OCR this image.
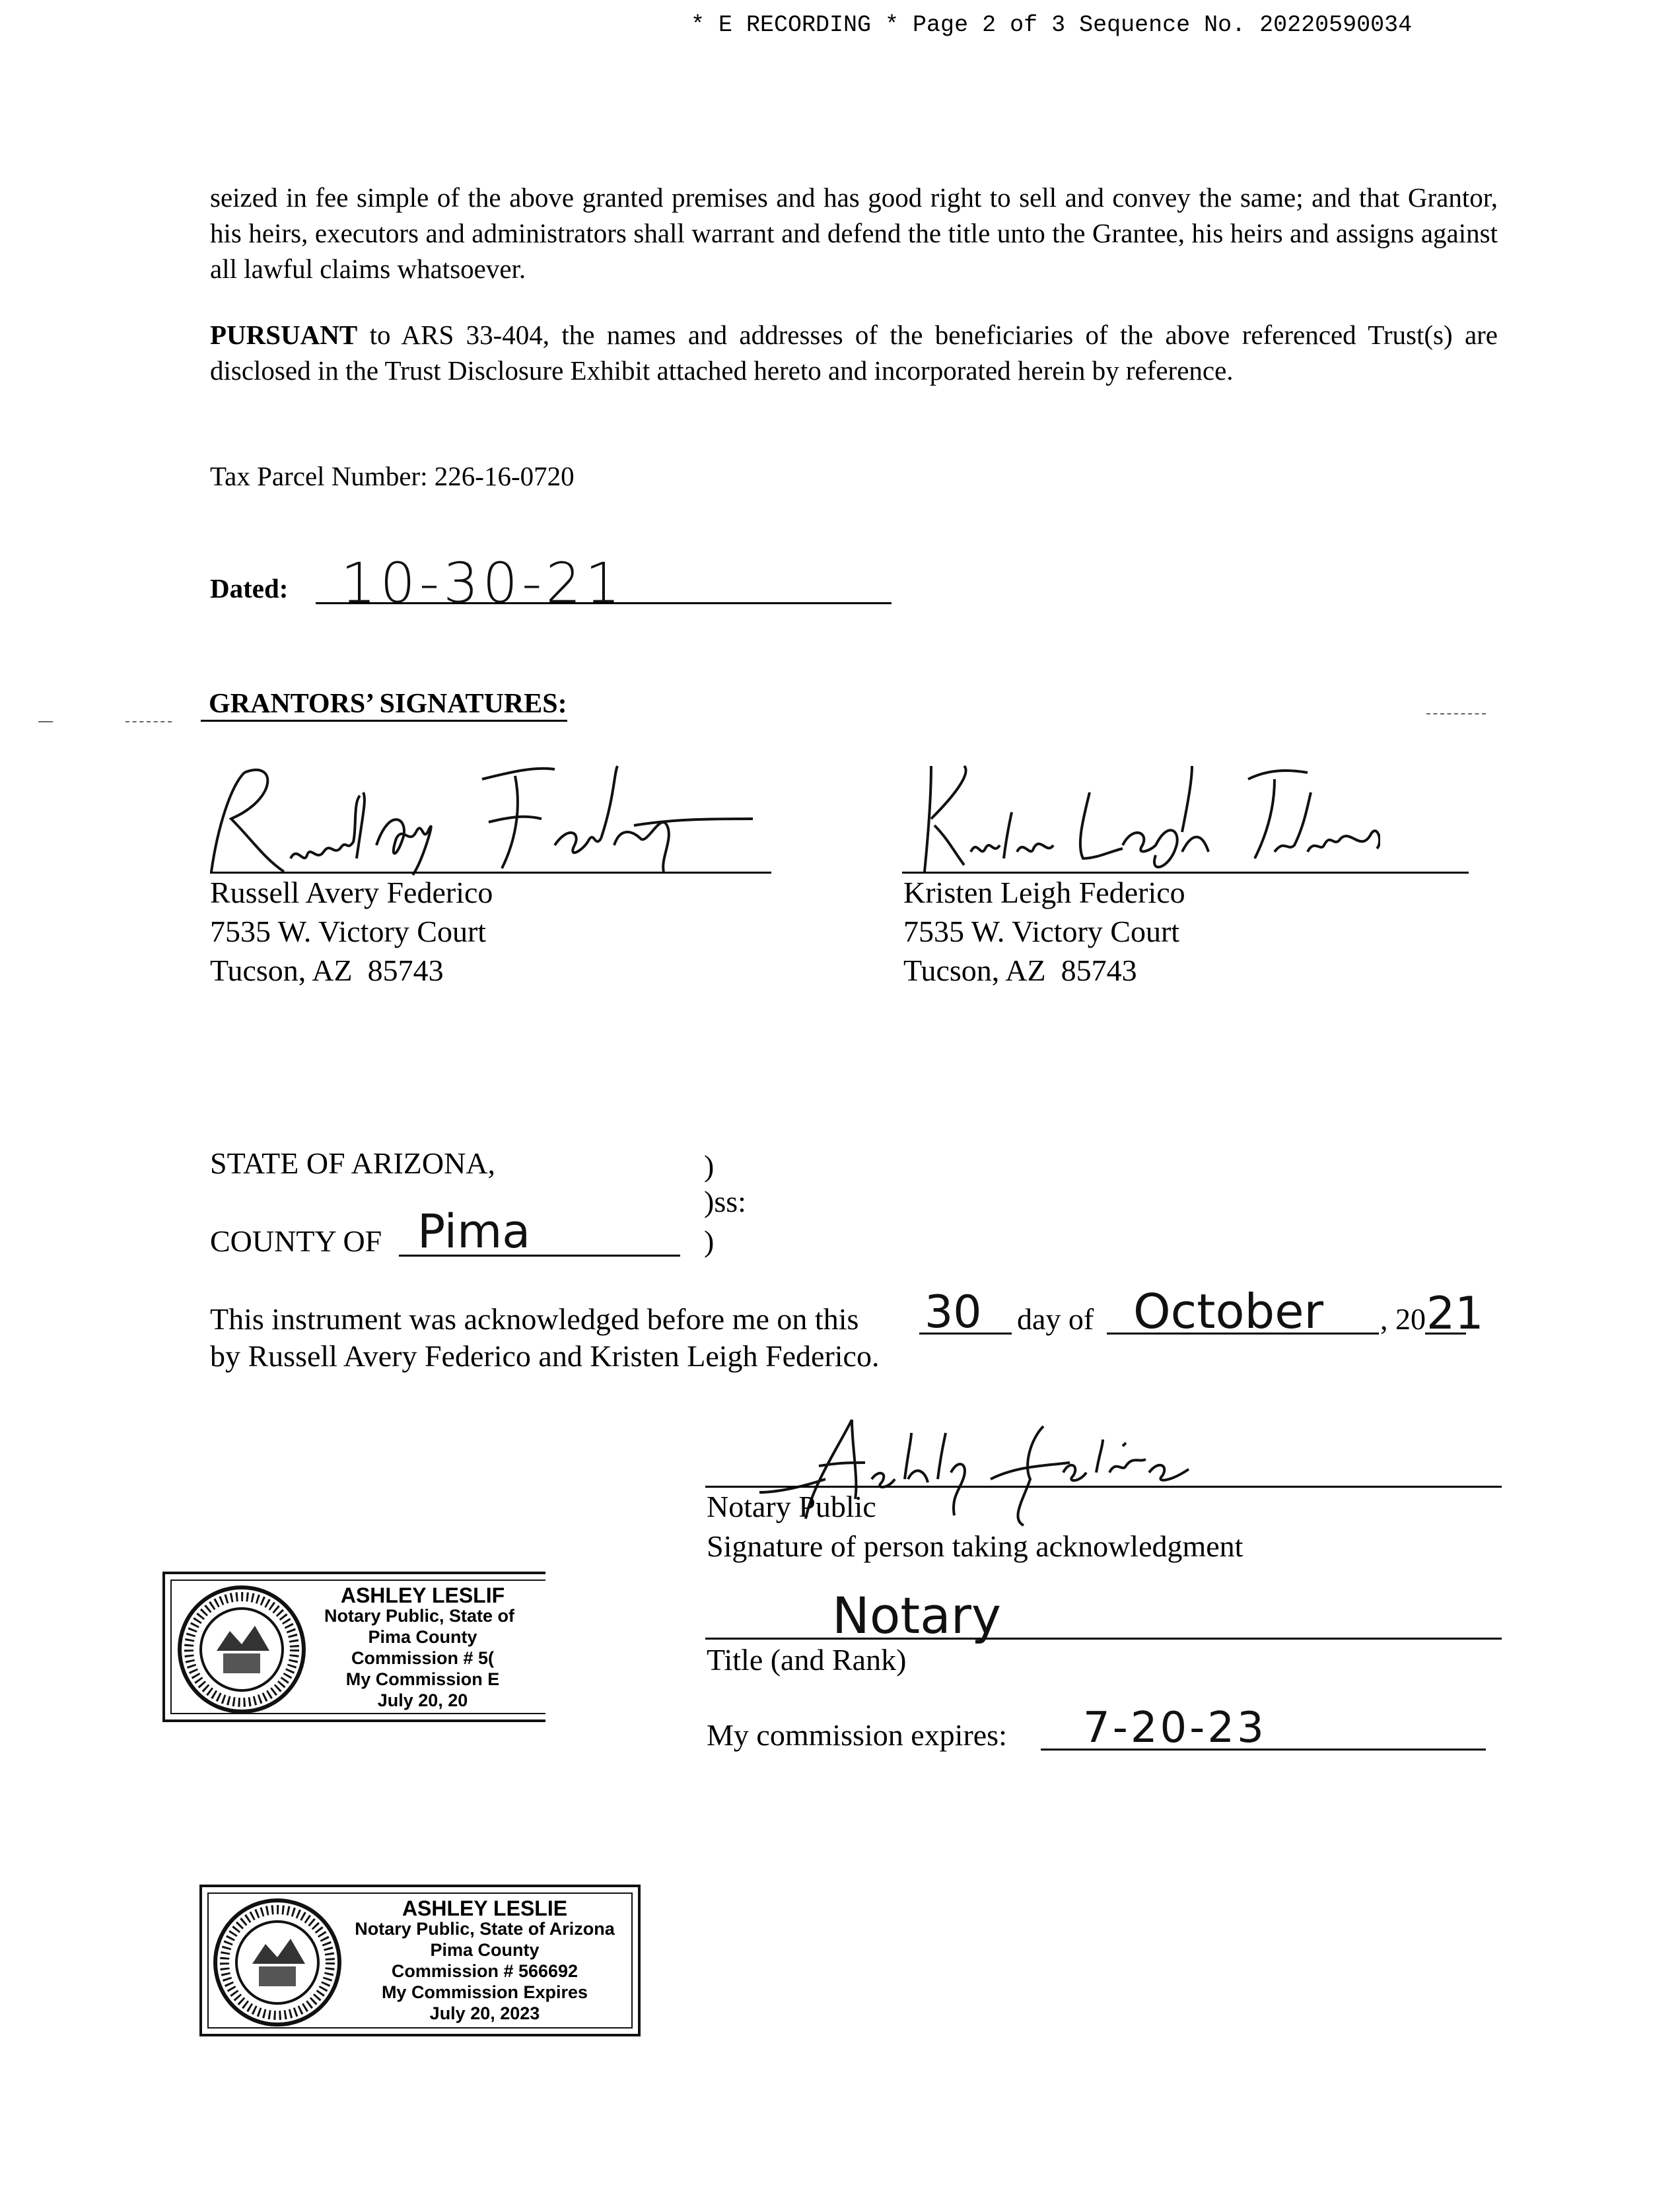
* E RECORDING * Page 2 of 3 Sequence No. 20220590034
seized in fee simple of the above granted premises and has good right to sell and convey the same; and that Grantor, his heirs, executors and administrators shall warrant and defend the title unto the Grantee, his heirs and assigns against all lawful claims whatsoever.
PURSUANT to ARS 33-404, the names and addresses of the beneficiaries of the above referenced Trust(s) are disclosed in the Trust Disclosure Exhibit attached hereto and incorporated herein by reference.
Tax Parcel Number: 226-16-0720
Dated: 10-30-21
GRANTORS’ SIGNATURES:
Russell Avery Federico
7535 W. Victory Court
Tucson, AZ  85743
Kristen Leigh Federico
7535 W. Victory Court
Tucson, AZ  85743
STATE OF ARIZONA,	)
)ss:
)
COUNTY OF Pima
This instrument was acknowledged before me on this 30 day of October , 20 21
by Russell Avery Federico and Kristen Leigh Federico.
Notary Public
Signature of person taking acknowledgment
Notary
Title (and Rank)
My commission expires: 7-20-23
ASHLEY LESLIF
Notary Public, State of
Pima County
Commission # 5(
My Commission E
July 20, 20
ASHLEY LESLIE
Notary Public, State of Arizona
Pima County
Commission # 566692
My Commission Expires
July 20, 2023
